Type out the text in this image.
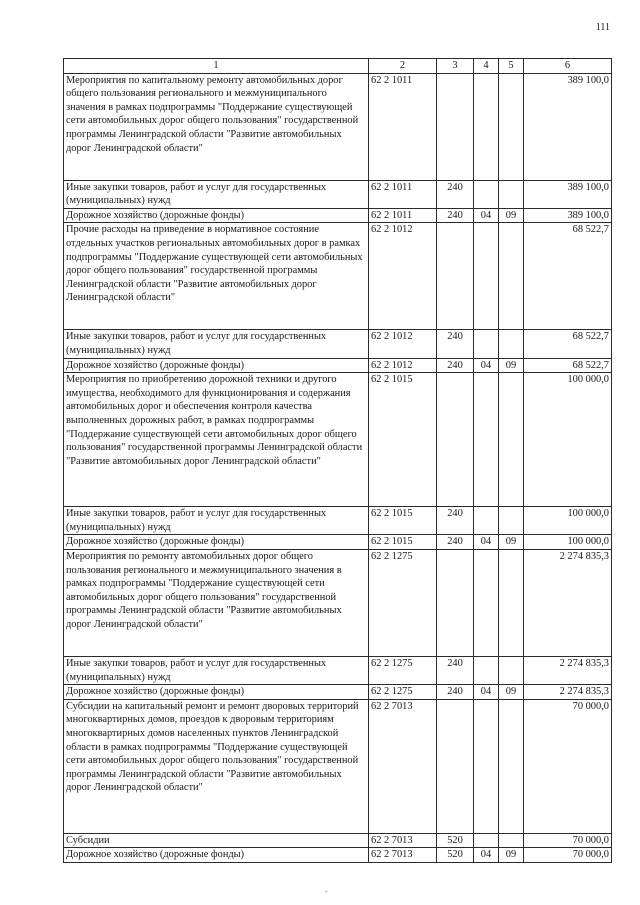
111
1	2	3	4	5	6
Мероприятия по капитальному ремонту автомобильных дорог общего пользования регионального и межмуниципального значения в рамках подпрограммы "Поддержание существующей сети автомобильных дорог общего пользования" государственной программы Ленинградской области "Развитие автомобильных дорог Ленинградской области"	62 2 1011				389 100,0
Иные закупки товаров, работ и услуг для государственных (муниципальных) нужд	62 2 1011	240			389 100,0
Дорожное хозяйство (дорожные фонды)	62 2 1011	240	04	09	389 100,0
Прочие расходы на приведение в нормативное состояние отдельных участков региональных автомобильных дорог в рамках подпрограммы "Поддержание существующей сети автомобильных дорог общего пользования" государственной программы Ленинградской области "Развитие автомобильных дорог Ленинградской области"	62 2 1012				68 522,7
Иные закупки товаров, работ и услуг для государственных (муниципальных) нужд	62 2 1012	240			68 522,7
Дорожное хозяйство (дорожные фонды)	62 2 1012	240	04	09	68 522,7
Мероприятия по приобретению дорожной техники и другого имущества, необходимого для функционирования и содержания автомобильных дорог и обеспечения контроля качества выполненных дорожных работ, в рамках подпрограммы "Поддержание существующей сети автомобильных дорог общего пользования" государственной программы Ленинградской области "Развитие автомобильных дорог Ленинградской области"	62 2 1015				100 000,0
Иные закупки товаров, работ и услуг для государственных (муниципальных) нужд	62 2 1015	240			100 000,0
Дорожное хозяйство (дорожные фонды)	62 2 1015	240	04	09	100 000,0
Мероприятия по ремонту автомобильных дорог общего пользования регионального и межмуниципального значения в рамках подпрограммы "Поддержание существующей сети автомобильных дорог общего пользования" государственной программы Ленинградской области "Развитие автомобильных дорог Ленинградской области"	62 2 1275				2 274 835,3
Иные закупки товаров, работ и услуг для государственных (муниципальных) нужд	62 2 1275	240			2 274 835,3
Дорожное хозяйство (дорожные фонды)	62 2 1275	240	04	09	2 274 835,3
Субсидии на капитальный ремонт и ремонт дворовых территорий многоквартирных домов, проездов к дворовым территориям многоквартирных домов населенных пунктов Ленинградской области в рамках подпрограммы "Поддержание существующей сети автомобильных дорог общего пользования" государственной программы Ленинградской области "Развитие автомобильных дорог Ленинградской области"	62 2 7013				70 000,0
Субсидии	62 2 7013	520			70 000,0
Дорожное хозяйство (дорожные фонды)	62 2 7013	520	04	09	70 000,0
-
